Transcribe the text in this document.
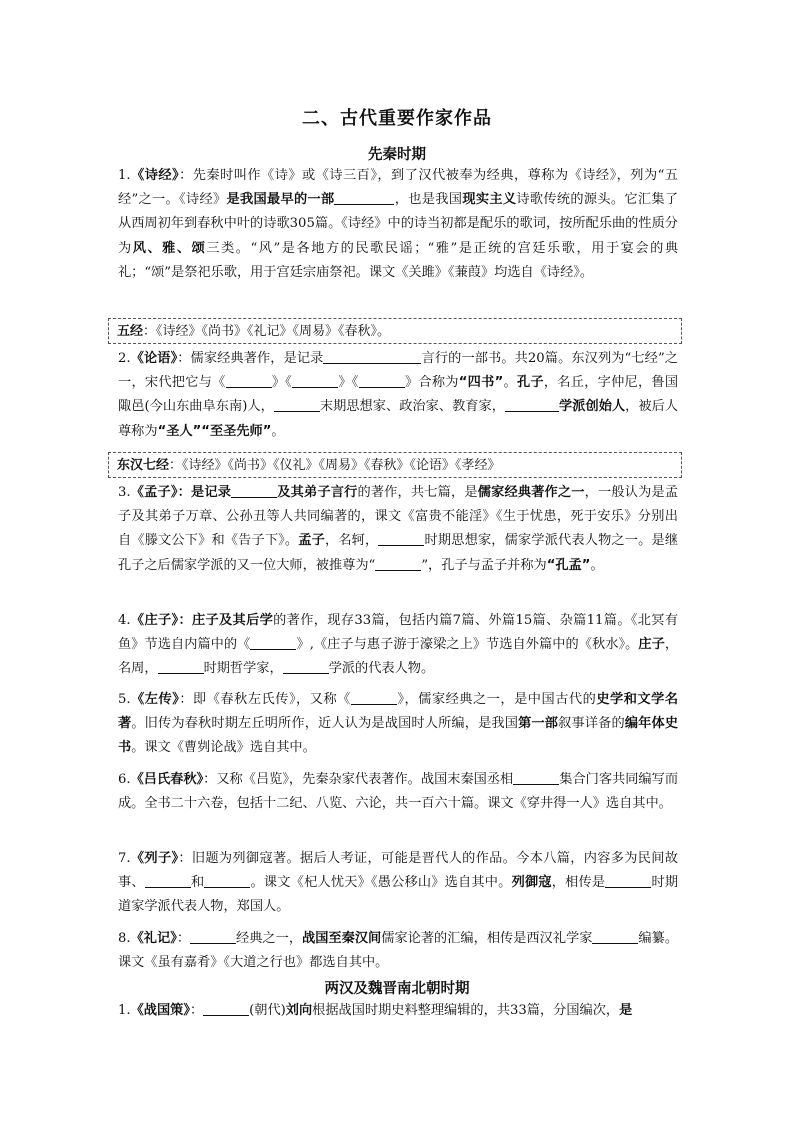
二、古代重要作家作品
先秦时期
1.《诗经》：先秦时叫作《诗》或《诗三百》，到了汉代被奉为经典，尊称为《诗经》，列为“五经”之一。《诗经》是我国最早的一部	，也是我国现实主义诗歌传统的源头。它汇集了从西周初年到春秋中叶的诗歌305篇。《诗经》中的诗当初都是配乐的歌词，按所配乐曲的性质分为风、雅、颂三类。“风”是各地方的民歌民谣；“雅”是正统的宫廷乐歌，用于宴会的典礼；“颂”是祭祀乐歌，用于宫廷宗庙祭祀。课文《关雎》《蒹葭》均选自《诗经》。
五经：《诗经》《尚书》《礼记》《周易》《春秋》。
2.《论语》：儒家经典著作，是记录	言行的一部书。共20篇。东汉列为“七经”之一，宋代把它与《	》《	》《	》合称为“四书”。孔子，名丘，字仲尼，鲁国陬邑(今山东曲阜东南)人，	末期思想家、政治家、教育家，	学派创始人，被后人尊称为“圣人”“至圣先师”。
东汉七经：《诗经》《尚书》《仪礼》《周易》《春秋》《论语》《孝经》
3.《孟子》：是记录	及其弟子言行的著作，共七篇，是儒家经典著作之一，一般认为是孟子及其弟子万章、公孙丑等人共同编著的，课文《富贵不能淫》《生于忧患，死于安乐》分别出自《滕文公下》和《告子下》。孟子，名轲，	时期思想家，儒家学派代表人物之一。是继孔子之后儒家学派的又一位大师，被推尊为“	”，孔子与孟子并称为“孔孟”。
4.《庄子》：庄子及其后学的著作，现存33篇，包括内篇7篇、外篇15篇、杂篇11篇。《北冥有鱼》节选自内篇中的《	》,《庄子与惠子游于濠梁之上》节选自外篇中的《秋水》。庄子，名周，	时期哲学家，	学派的代表人物。
5.《左传》：即《春秋左氏传》，又称《	》，儒家经典之一，是中国古代的史学和文学名著。旧传为春秋时期左丘明所作，近人认为是战国时人所编，是我国第一部叙事详备的编年体史书。课文《曹刿论战》选自其中。
6.《吕氏春秋》：又称《吕览》，先秦杂家代表著作。战国末秦国丞相	集合门客共同编写而成。全书二十六卷，包括十二纪、八览、六论，共一百六十篇。课文《穿井得一人》选自其中。
7.《列子》：旧题为列御寇著。据后人考证，可能是晋代人的作品。今本八篇，内容多为民间故事、	和	。课文《杞人忧天》《愚公移山》选自其中。列御寇，相传是	时期道家学派代表人物，郑国人。
8.《礼记》：	经典之一，战国至秦汉间儒家论著的汇编，相传是西汉礼学家	编纂。课文《虽有嘉肴》《大道之行也》都选自其中。
两汉及魏晋南北朝时期
1.《战国策》：	(朝代)刘向根据战国时期史料整理编辑的，共33篇，分国编次，是
